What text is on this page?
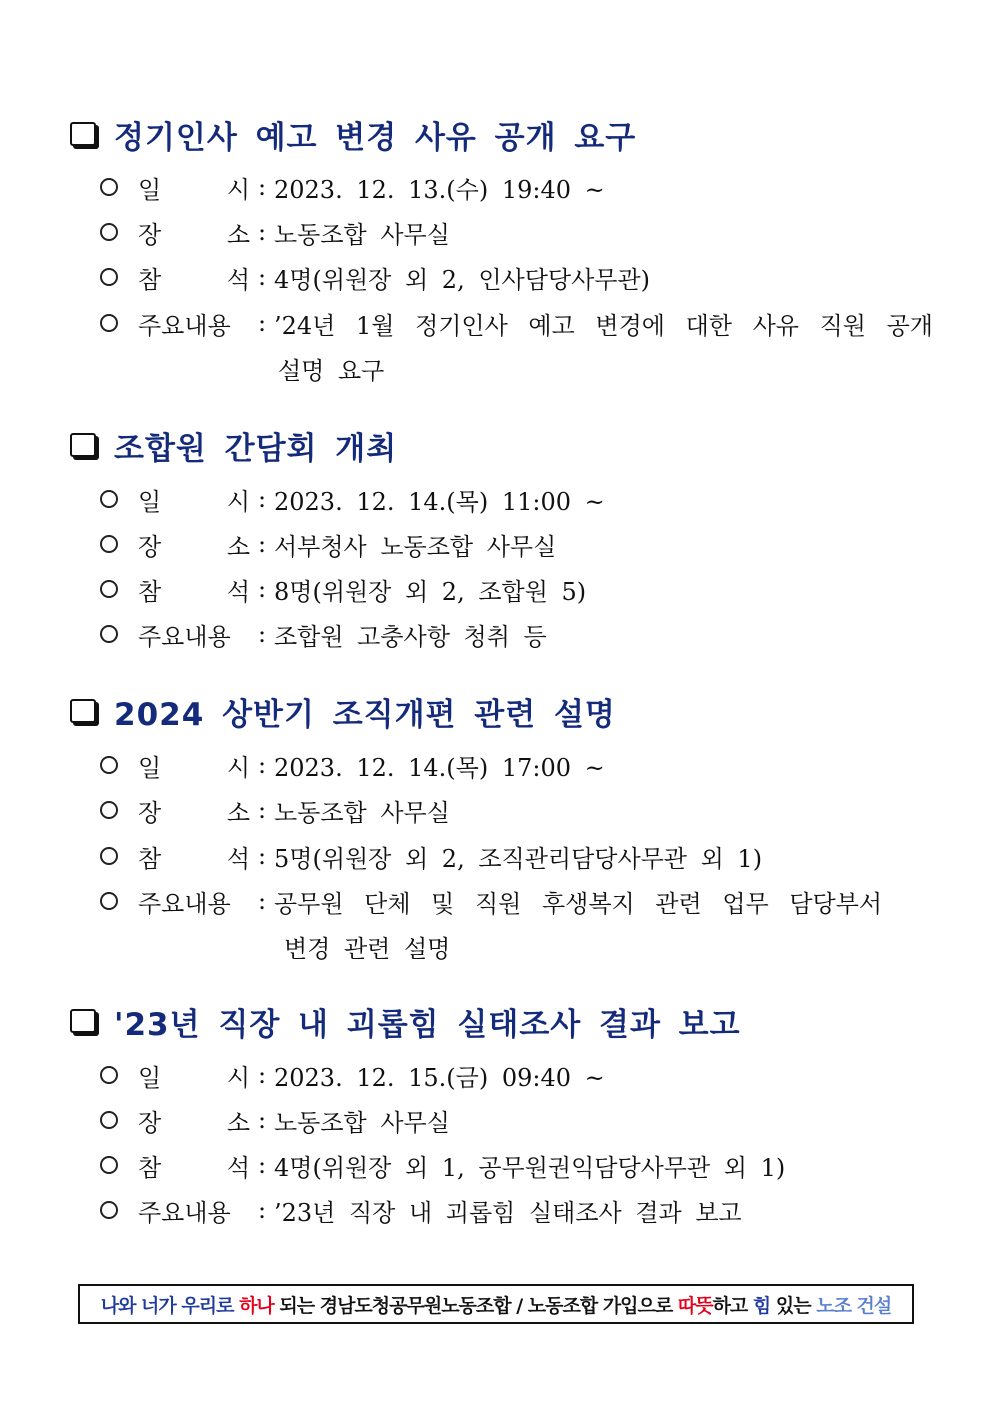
정기인사 예고 변경 사유 공개 요구
일	시 : 2023. 12. 13.(수) 19:40 ~
장	소 : 노동조합 사무실
참	석 : 4명(위원장 외 2, 인사담당사무관)
주요내용	: ’24년 1월 정기인사 예고 변경에 대한 사유 직원 공개
설명 요구
조합원 간담회 개최
일	시 : 2023. 12. 14.(목) 11:00 ~
장	소 : 서부청사 노동조합 사무실
참	석 : 8명(위원장 외 2, 조합원 5)
주요내용	: 조합원 고충사항 청취 등
2024 상반기 조직개편 관련 설명
일	시 : 2023. 12. 14.(목) 17:00 ~
장	소 : 노동조합 사무실
참	석 : 5명(위원장 외 2, 조직관리담당사무관 외 1)
주요내용	: 공무원 단체 및 직원 후생복지 관련 업무 담당부서
변경 관련 설명
'23년 직장 내 괴롭힘 실태조사 결과 보고
일	시 : 2023. 12. 15.(금) 09:40 ~
장	소 : 노동조합 사무실
참	석 : 4명(위원장 외 1, 공무원권익담당사무관 외 1)
주요내용	: ’23년 직장 내 괴롭힘 실태조사 결과 보고
나와 너가 우리로 하나 되는 경남도청공무원노동조합 / 노동조합 가입으로 따뜻 하고 힘 있는 노조 건설
